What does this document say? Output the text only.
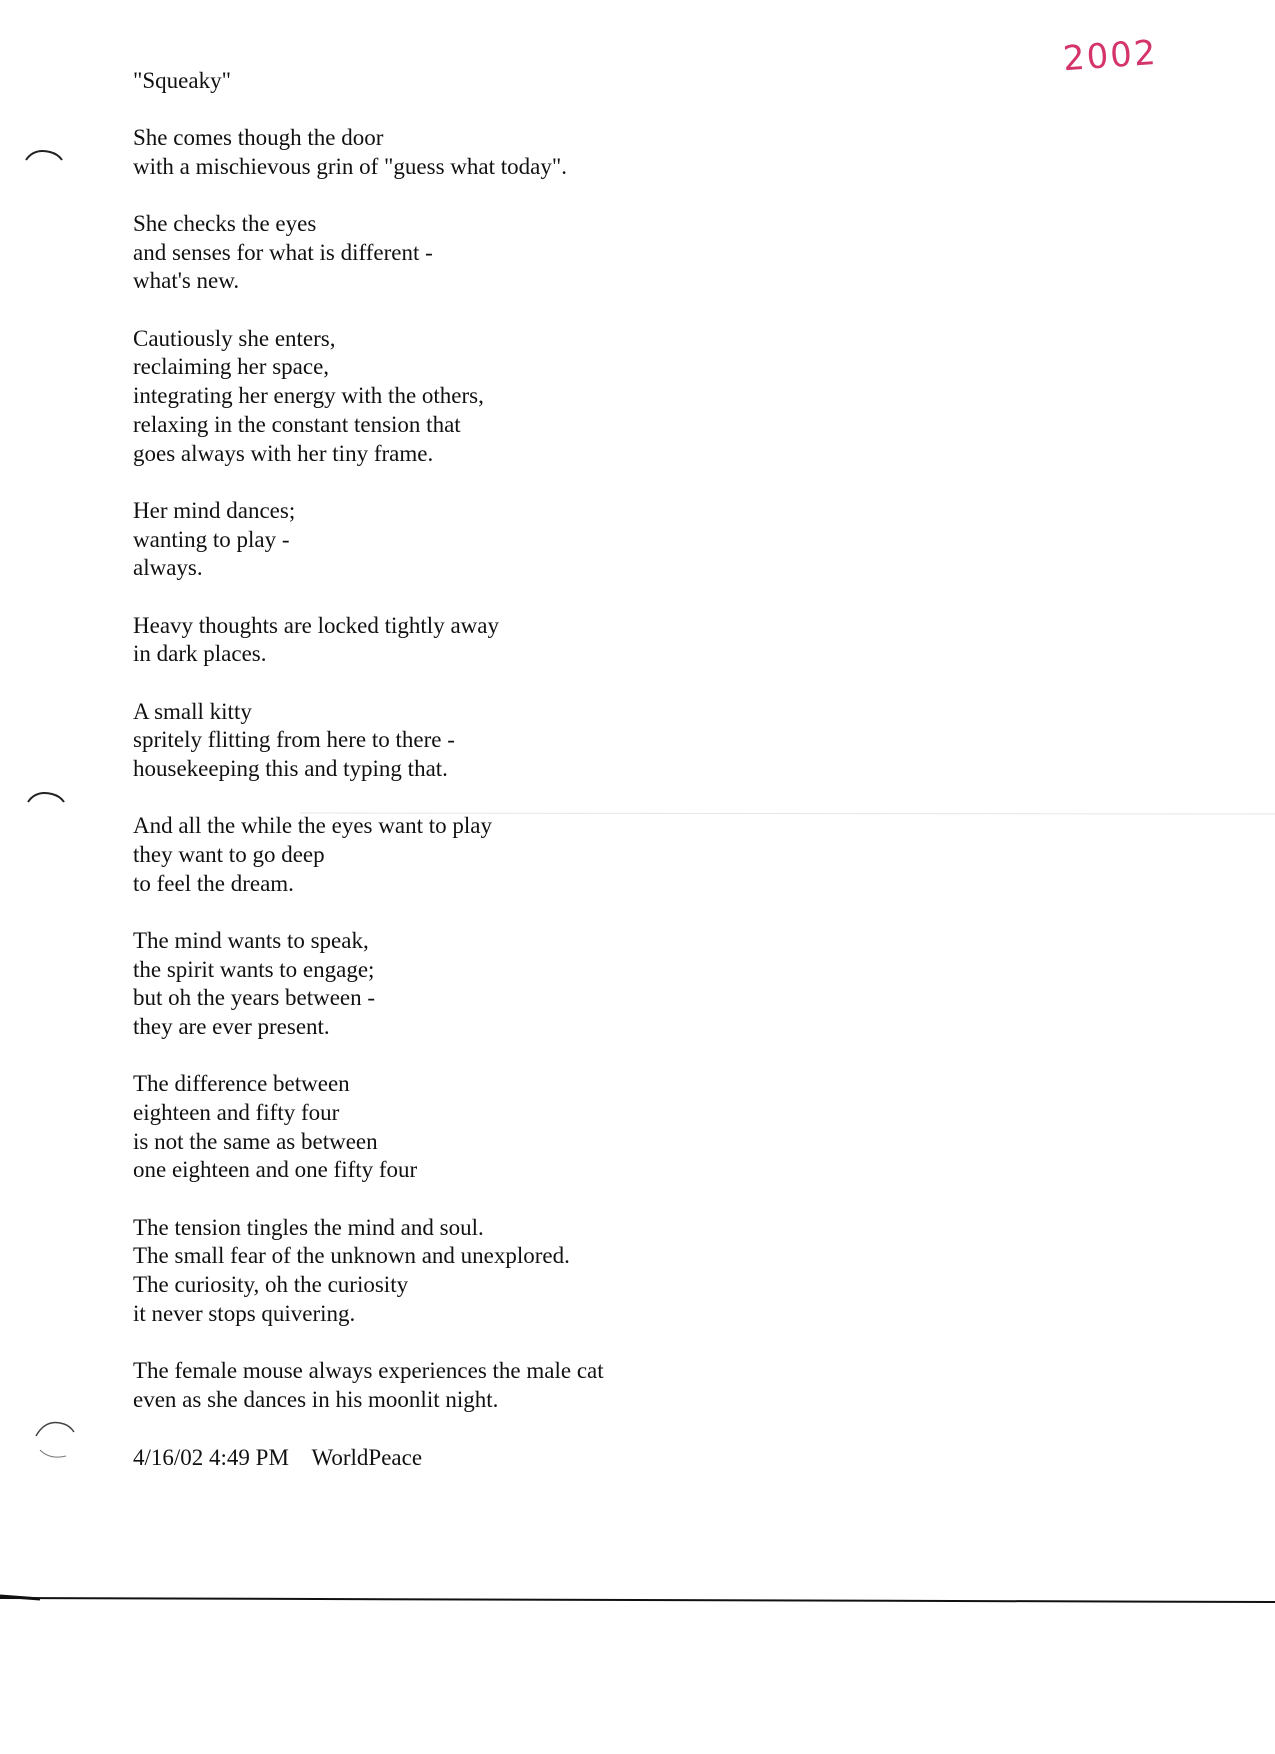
2002
"Squeaky"
She comes though the door
with a mischievous grin of "guess what today".
She checks the eyes
and senses for what is different -
what's new.
Cautiously she enters,
reclaiming her space,
integrating her energy with the others,
relaxing in the constant tension that
goes always with her tiny frame.
Her mind dances;
wanting to play -
always.
Heavy thoughts are locked tightly away
in dark places.
A small kitty
spritely flitting from here to there -
housekeeping this and typing that.
And all the while the eyes want to play
they want to go deep
to feel the dream.
The mind wants to speak,
the spirit wants to engage;
but oh the years between -
they are ever present.
The difference between
eighteen and fifty four
is not the same as between
one eighteen and one fifty four
The tension tingles the mind and soul.
The small fear of the unknown and unexplored.
The curiosity, oh the curiosity
it never stops quivering.
The female mouse always experiences the male cat
even as she dances in his moonlit night.
4/16/02 4:49 PM WorldPeace
